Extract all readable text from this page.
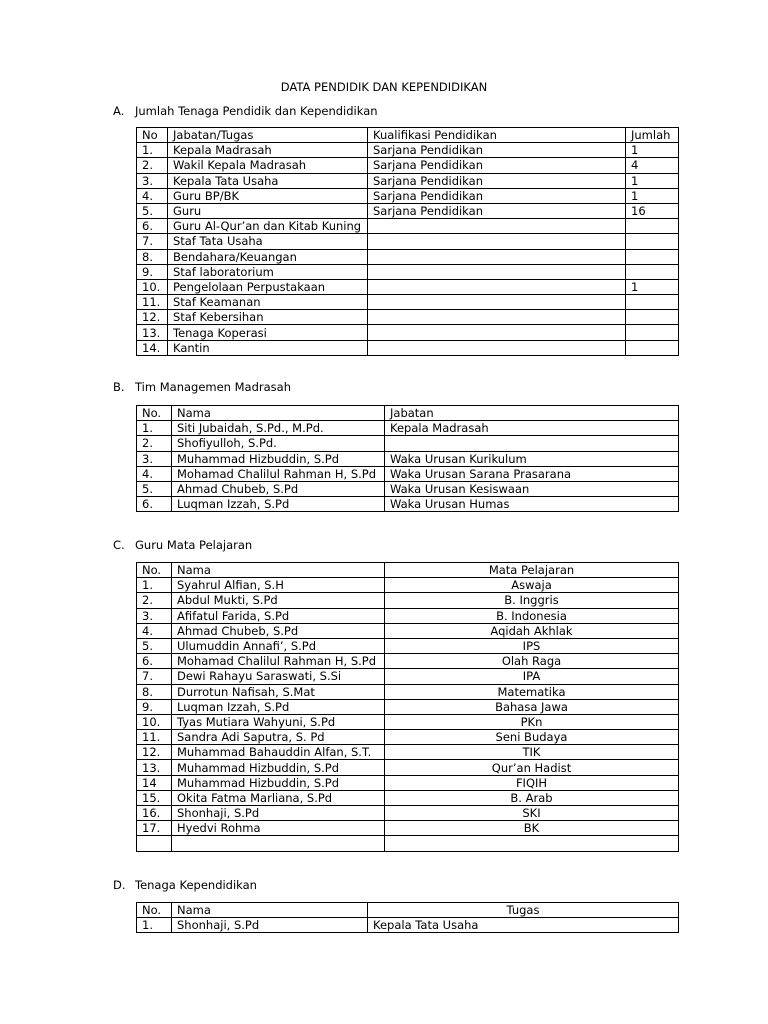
DATA PENDIDIK DAN KEPENDIDIKAN
A. Jumlah Tenaga Pendidik dan Kependidikan
No	Jabatan/Tugas	Kualifikasi Pendidikan	Jumlah
1.	Kepala Madrasah	Sarjana Pendidikan	1
2.	Wakil Kepala Madrasah	Sarjana Pendidikan	4
3.	Kepala Tata Usaha	Sarjana Pendidikan	1
4.	Guru BP/BK	Sarjana Pendidikan	1
5.	Guru	Sarjana Pendidikan	16
6.	Guru Al-Qur’an dan Kitab Kuning		
7.	Staf Tata Usaha		
8.	Bendahara/Keuangan		
9.	Staf laboratorium		
10.	Pengelolaan Perpustakaan		1
11.	Staf Keamanan		
12.	Staf Kebersihan		
13.	Tenaga Koperasi		
14.	Kantin		
B. Tim Managemen Madrasah
No.	Nama	Jabatan
1.	Siti Jubaidah, S.Pd., M.Pd.	Kepala Madrasah
2.	Shofiyulloh, S.Pd.	
3.	Muhammad Hizbuddin, S.Pd	Waka Urusan Kurikulum
4.	Mohamad Chalilul Rahman H, S.Pd	Waka Urusan Sarana Prasarana
5.	Ahmad Chubeb, S.Pd	Waka Urusan Kesiswaan
6.	Luqman Izzah, S.Pd	Waka Urusan Humas
C. Guru Mata Pelajaran
No.	Nama	Mata Pelajaran
1.	Syahrul Alfian, S.H	Aswaja
2.	Abdul Mukti, S.Pd	B. Inggris
3.	Afifatul Farida, S.Pd	B. Indonesia
4.	Ahmad Chubeb, S.Pd	Aqidah Akhlak
5.	Ulumuddin Annafi’, S.Pd	IPS
6.	Mohamad Chalilul Rahman H, S.Pd	Olah Raga
7.	Dewi Rahayu Saraswati, S.Si	IPA
8.	Durrotun Nafisah, S.Mat	Matematika
9.	Luqman Izzah, S.Pd	Bahasa Jawa
10.	Tyas Mutiara Wahyuni, S.Pd	PKn
11.	Sandra Adi Saputra, S. Pd	Seni Budaya
12.	Muhammad Bahauddin Alfan, S.T.	TIK
13.	Muhammad Hizbuddin, S.Pd	Qur’an Hadist
14	Muhammad Hizbuddin, S.Pd	FIQIH
15.	Okita Fatma Marliana, S.Pd	B. Arab
16.	Shonhaji, S.Pd	SKI
17.	Hyedvi Rohma	BK

D. Tenaga Kependidikan
No.	Nama	Tugas
1.	Shonhaji, S.Pd	Kepala Tata Usaha
